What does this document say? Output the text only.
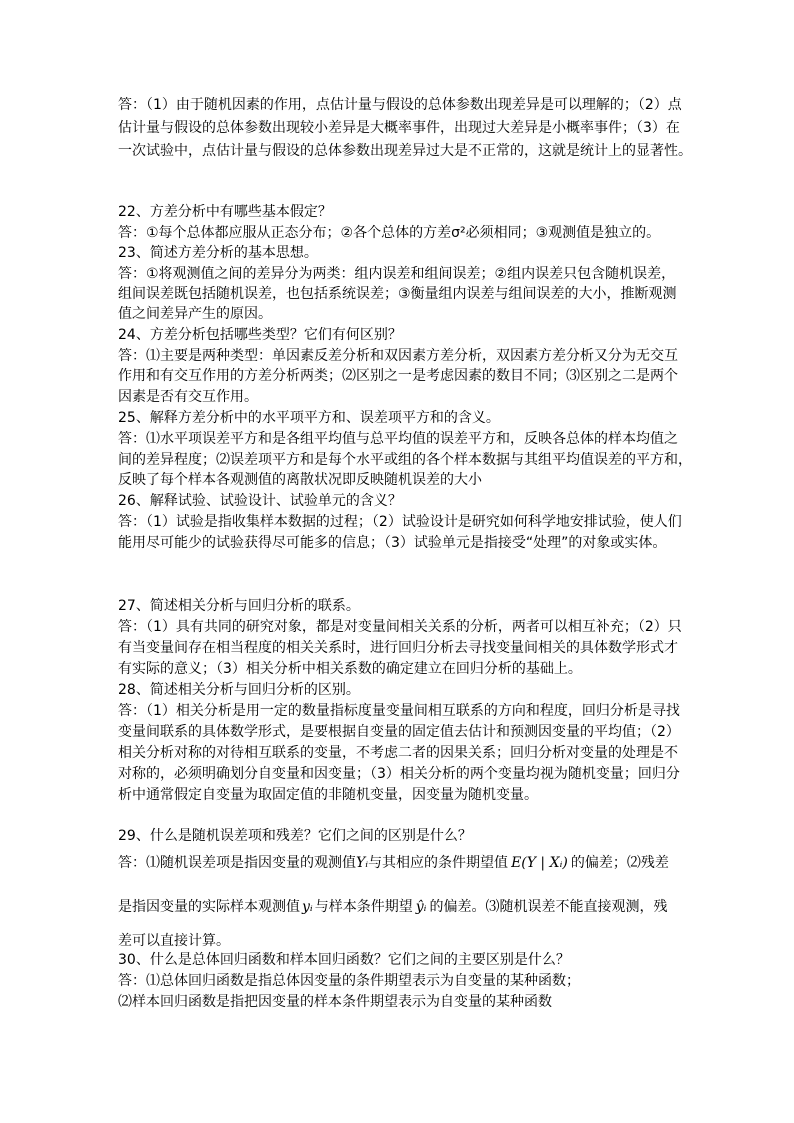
答：（1）由于随机因素的作用，点估计量与假设的总体参数出现差异是可以理解的；（2）点
估计量与假设的总体参数出现较小差异是大概率事件，出现过大差异是小概率事件；（3）在
一次试验中，点估计量与假设的总体参数出现差异过大是不正常的，这就是统计上的显著性。
22、方差分析中有哪些基本假定？
答：①每个总体都应服从正态分布；②各个总体的方差σ²必须相同；③观测值是独立的。
23、简述方差分析的基本思想。
答：①将观测值之间的差异分为两类：组内误差和组间误差；②组内误差只包含随机误差，
组间误差既包括随机误差，也包括系统误差；③衡量组内误差与组间误差的大小，推断观测
值之间差异产生的原因。
24、方差分析包括哪些类型？它们有何区别？
答：⑴主要是两种类型：单因素反差分析和双因素方差分析，双因素方差分析又分为无交互
作用和有交互作用的方差分析两类；⑵区别之一是考虑因素的数目不同；⑶区别之二是两个
因素是否有交互作用。
25、解释方差分析中的水平项平方和、误差项平方和的含义。
答：⑴水平项误差平方和是各组平均值与总平均值的误差平方和，反映各总体的样本均值之
间的差异程度；⑵误差项平方和是每个水平或组的各个样本数据与其组平均值误差的平方和，
反映了每个样本各观测值的离散状况即反映随机误差的大小
26、解释试验、试验设计、试验单元的含义？
答：（1）试验是指收集样本数据的过程；（2）试验设计是研究如何科学地安排试验，使人们
能用尽可能少的试验获得尽可能多的信息；（3）试验单元是指接受“处理”的对象或实体。
27、简述相关分析与回归分析的联系。
答：（1）具有共同的研究对象，都是对变量间相关关系的分析，两者可以相互补充；（2）只
有当变量间存在相当程度的相关关系时，进行回归分析去寻找变量间相关的具体数学形式才
有实际的意义；（3）相关分析中相关系数的确定建立在回归分析的基础上。
28、简述相关分析与回归分析的区别。
答：（1）相关分析是用一定的数量指标度量变量间相互联系的方向和程度，回归分析是寻找
变量间联系的具体数学形式，是要根据自变量的固定值去估计和预测因变量的平均值；（2）
相关分析对称的对待相互联系的变量，不考虑二者的因果关系；回归分析对变量的处理是不
对称的，必须明确划分自变量和因变量；（3）相关分析的两个变量均视为随机变量；回归分
析中通常假定自变量为取固定值的非随机变量，因变量为随机变量。
29、什么是随机误差项和残差？它们之间的区别是什么？
答：⑴随机误差项是指因变量的观测值Yᵢ与其相应的条件期望值 E(Y | Xᵢ) 的偏差；⑵残差
是指因变量的实际样本观测值 yᵢ 与样本条件期望 ŷᵢ 的偏差。⑶随机误差不能直接观测，残
差可以直接计算。
30、什么是总体回归函数和样本回归函数？它们之间的主要区别是什么？
答：⑴总体回归函数是指总体因变量的条件期望表示为自变量的某种函数；
⑵样本回归函数是指把因变量的样本条件期望表示为自变量的某种函数
